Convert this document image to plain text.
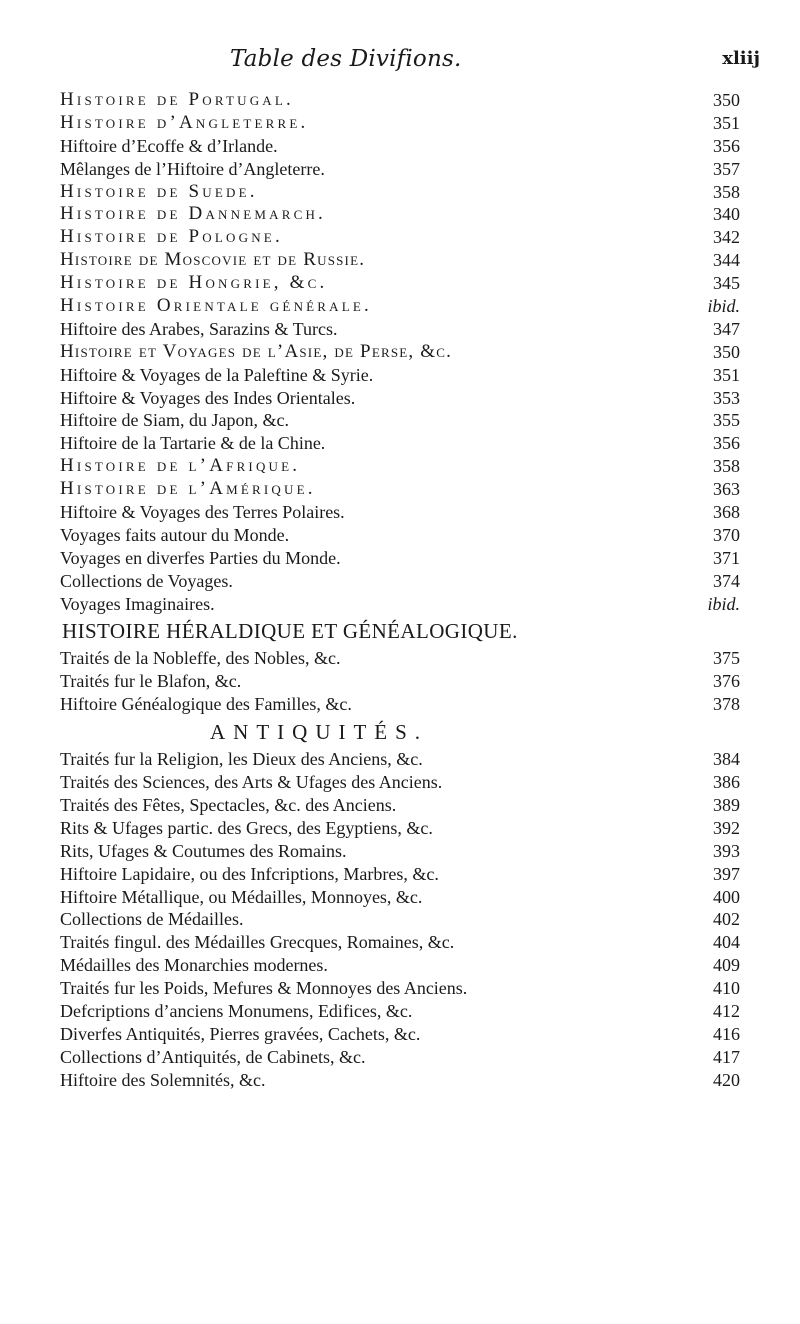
Table des Divifions.	xliij
Histoire de Portugal.	350
Histoire d’Angleterre.	351
Hiftoire d’Ecoffe & d’Irlande.	356
Mêlanges de l’Hiftoire d’Angleterre.	357
Histoire de Suede.	358
Histoire de Dannemarch.	340
Histoire de Pologne.	342
Histoire de Moscovie et de Russie.	344
Histoire de Hongrie, &c.	345
Histoire Orientale générale.	ibid.
Hiftoire des Arabes, Sarazins & Turcs.	347
Histoire et Voyages de l’Asie, de Perse, &c.	350
Hiftoire & Voyages de la Paleftine & Syrie.	351
Hiftoire & Voyages des Indes Orientales.	353
Hiftoire de Siam, du Japon, &c.	355
Hiftoire de la Tartarie & de la Chine.	356
Histoire de l’Afrique.	358
Histoire de l’Amérique.	363
Hiftoire & Voyages des Terres Polaires.	368
Voyages faits autour du Monde.	370
Voyages en diverfes Parties du Monde.	371
Collections de Voyages.	374
Voyages Imaginaires.	ibid.
HISTOIRE HÉRALDIQUE ET GÉNÉALOGIQUE.
Traités de la Nobleffe, des Nobles, &c.	375
Traités fur le Blafon, &c.	376
Hiftoire Généalogique des Familles, &c.	378
ANTIQUITÉS.
Traités fur la Religion, les Dieux des Anciens, &c.	384
Traités des Sciences, des Arts & Ufages des Anciens.	386
Traités des Fêtes, Spectacles, &c. des Anciens.	389
Rits & Ufages partic. des Grecs, des Egyptiens, &c.	392
Rits, Ufages & Coutumes des Romains.	393
Hiftoire Lapidaire, ou des Infcriptions, Marbres, &c.	397
Hiftoire Métallique, ou Médailles, Monnoyes, &c.	400
Collections de Médailles.	402
Traités fingul. des Médailles Grecques, Romaines, &c.	404
Médailles des Monarchies modernes.	409
Traités fur les Poids, Mefures & Monnoyes des Anciens.	410
Defcriptions d’anciens Monumens, Edifices, &c.	412
Diverfes Antiquités, Pierres gravées, Cachets, &c.	416
Collections d’Antiquités, de Cabinets, &c.	417
Hiftoire des Solemnités, &c.	420
